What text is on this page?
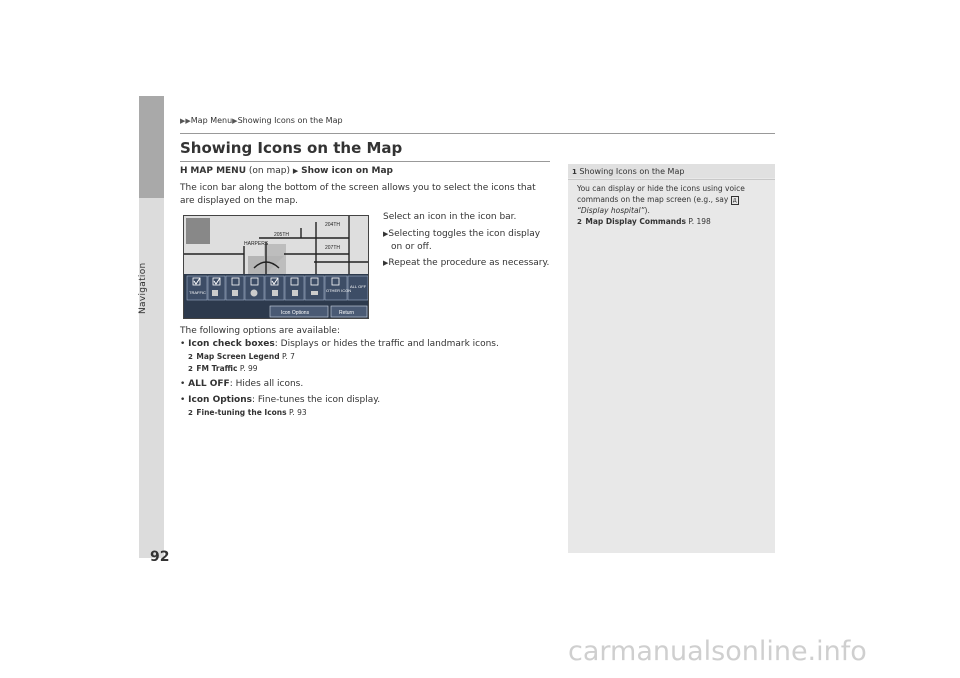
Navigation
▶▶Map Menu▶Showing Icons on the Map
Showing Icons on the Map
H MAP MENU (on map) ▶ Show icon on Map
The icon bar along the bottom of the screen allows you to select the icons that are displayed on the map.
205TH
204TH
207TH
HARPERS
TRAFFIC	OTHER ICON
ALL OFF
Icon Options	Return
Select an icon in the icon bar.
▶Selecting toggles the icon display on or off.
▶Repeat the procedure as necessary.
The following options are available:
• Icon check boxes: Displays or hides the traffic and landmark icons.
2 Map Screen Legend P. 7
2 FM Traffic P. 99
• ALL OFF: Hides all icons.
• Icon Options: Fine-tunes the icon display.
2 Fine-tuning the Icons P. 93
1 Showing Icons on the Map
You can display or hide the icons using voice commands on the map screen (e.g., say д
“Display hospital”).
2 Map Display Commands P. 198
92
carmanualsonline.info
